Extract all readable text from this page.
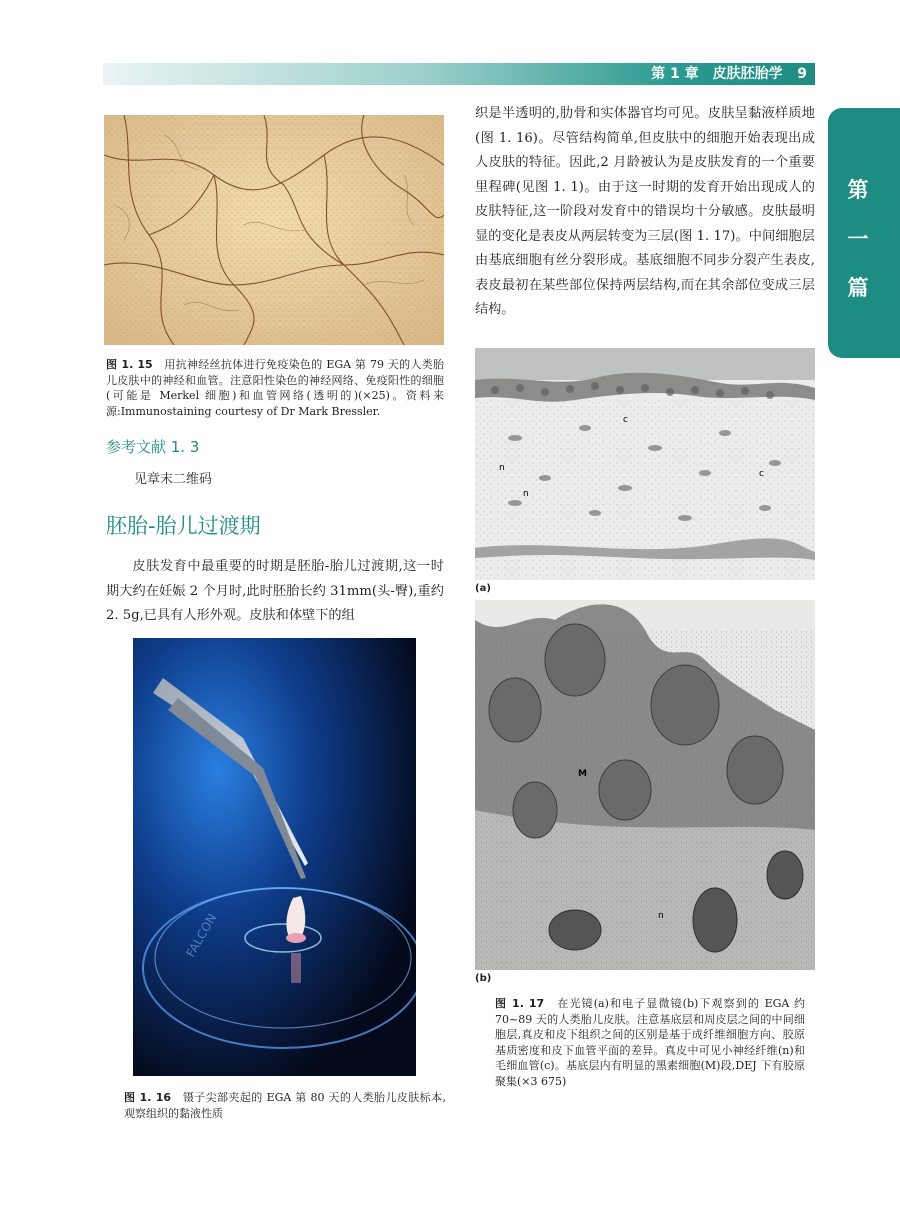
第 1 章　皮肤胚胎学 9
第
一
篇
图 1. 15　用抗神经丝抗体进行免疫染色的 EGA 第 79 天的人类胎儿皮肤中的神经和血管。注意阳性染色的神经网络、免疫阳性的细胞(可能是 Merkel 细胞)和血管网络(透明的)(×25)。资料来源:Immunostaining courtesy of Dr Mark Bressler.
参考文献 1. 3
见章末二维码
胚胎-胎儿过渡期

皮肤发育中最重要的时期是胚胎-胎儿过渡期,这一时期大约在妊娠 2 个月时,此时胚胎长约 31mm(头-臀),重约 2. 5g,已具有人形外观。皮肤和体壁下的组

FALCON
图 1. 16　镊子尖部夹起的 EGA 第 80 天的人类胎儿皮肤标本,观察组织的黏液性质

织是半透明的,肋骨和实体器官均可见。皮肤呈黏液样质地(图 1. 16)。尽管结构简单,但皮肤中的细胞开始表现出成人皮肤的特征。因此,2 月龄被认为是皮肤发育的一个重要里程碑(见图 1. 1)。由于这一时期的发育开始出现成人的皮肤特征,这一阶段对发育中的错误均十分敏感。皮肤最明显的变化是表皮从两层转变为三层(图 1. 17)。中间细胞层由基底细胞有丝分裂形成。基底细胞不同步分裂产生表皮,表皮最初在某些部位保持两层结构,而在其余部位变成三层结构。

c
n
n
c
(a)
M
n
(b)
图 1. 17　在光镜(a)和电子显微镜(b)下观察到的 EGA 约 70~89 天的人类胎儿皮肤。注意基底层和周皮层之间的中间细胞层,真皮和皮下组织之间的区别是基于成纤维细胞方向、胶原基质密度和皮下血管平面的差异。真皮中可见小神经纤维(n)和毛细血管(c)。基底层内有明显的黑素细胞(M)段,DEJ 下有胶原聚集(×3 675)
